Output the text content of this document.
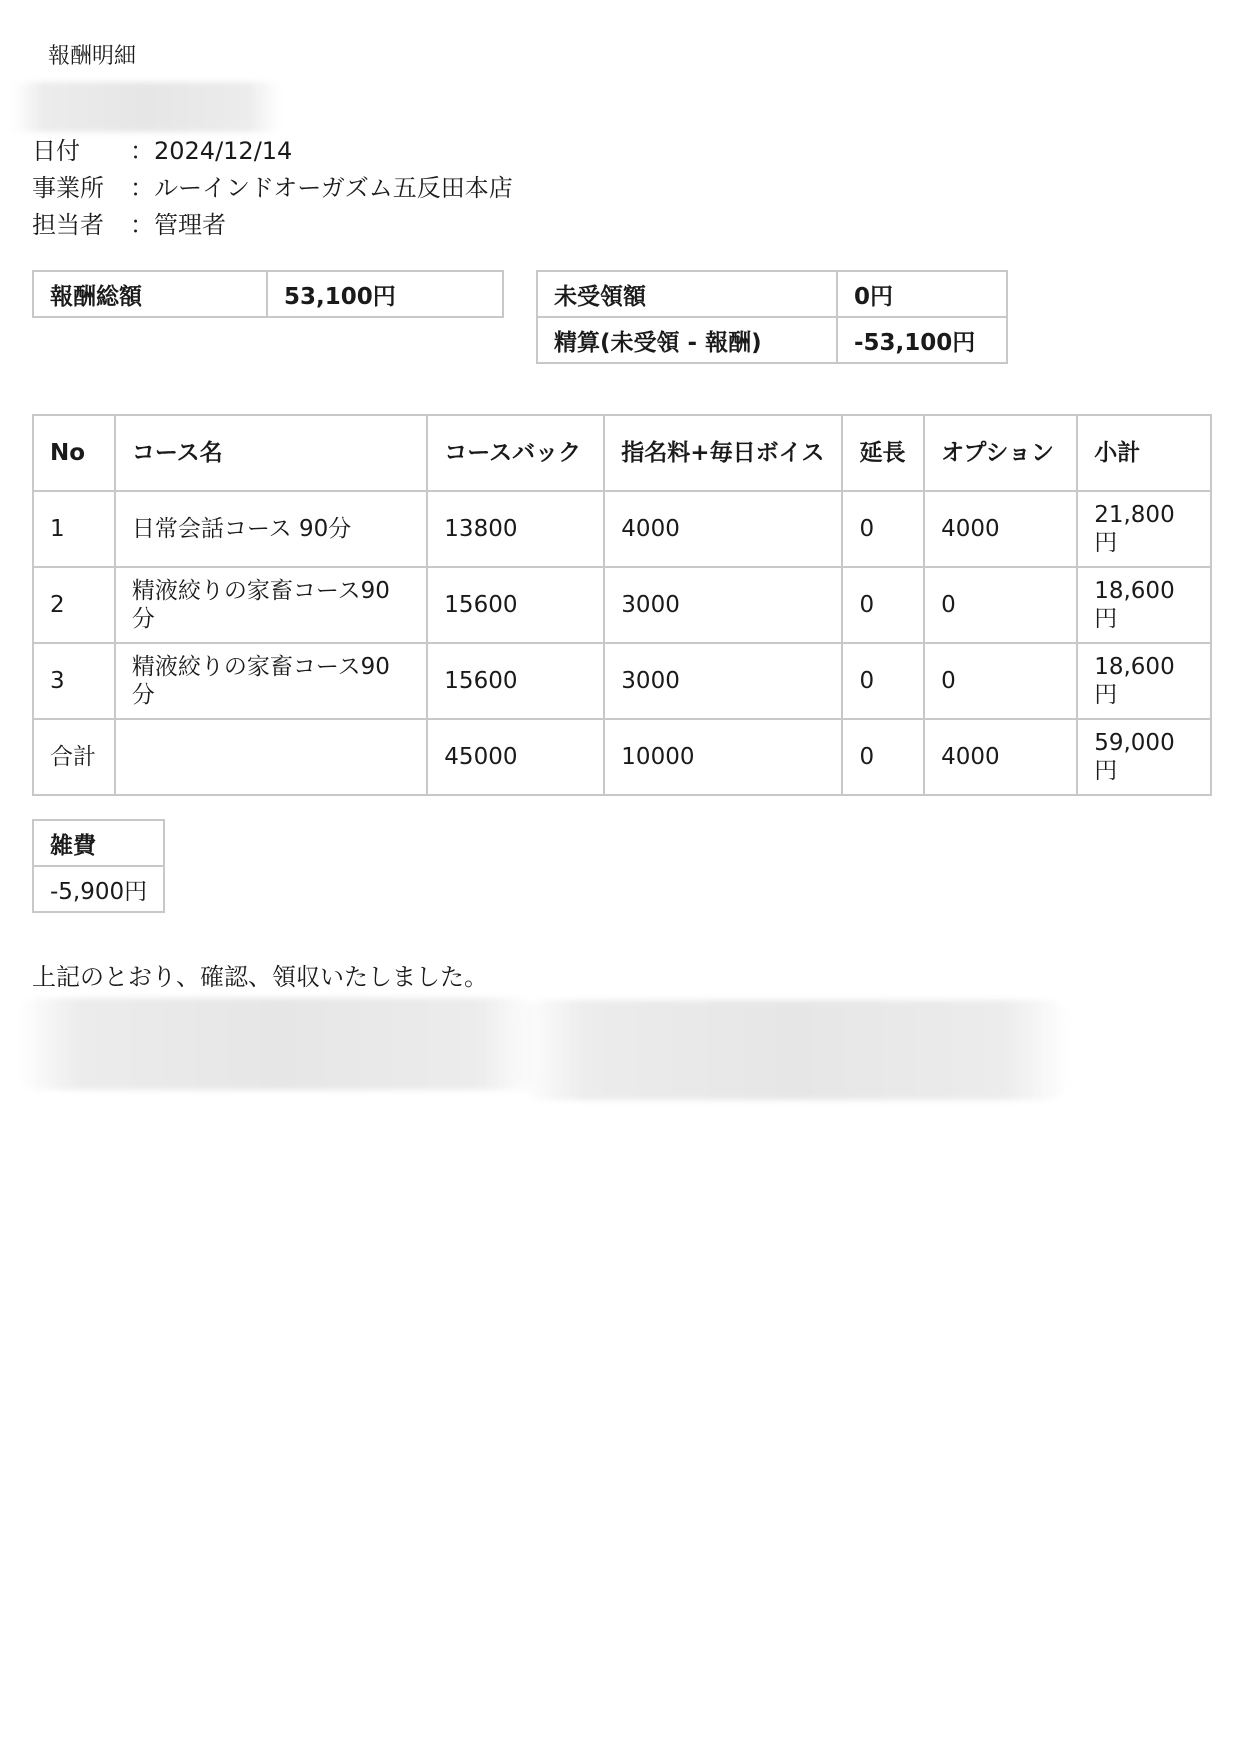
報酬明細
日付 ：2024/12/14
事業所 ：ルーインドオーガズム五反田本店
担当者 ：管理者
報酬総額	53,100円	未受領額	0円
精算(未受領 - 報酬)	-53,100円
No	コース名	コースバック	指名料+毎日ボイス	延長	オプション	小計
1	日常会話コース 90分	13800	4000	0	4000	21,800円
2	精液絞りの家畜コース90分	15600	3000	0	0	18,600円
3	精液絞りの家畜コース90分	15600	3000	0	0	18,600円
合計		45000	10000	0	4000	59,000円
雑費
-5,900円
上記のとおり、確認、領収いたしました。
